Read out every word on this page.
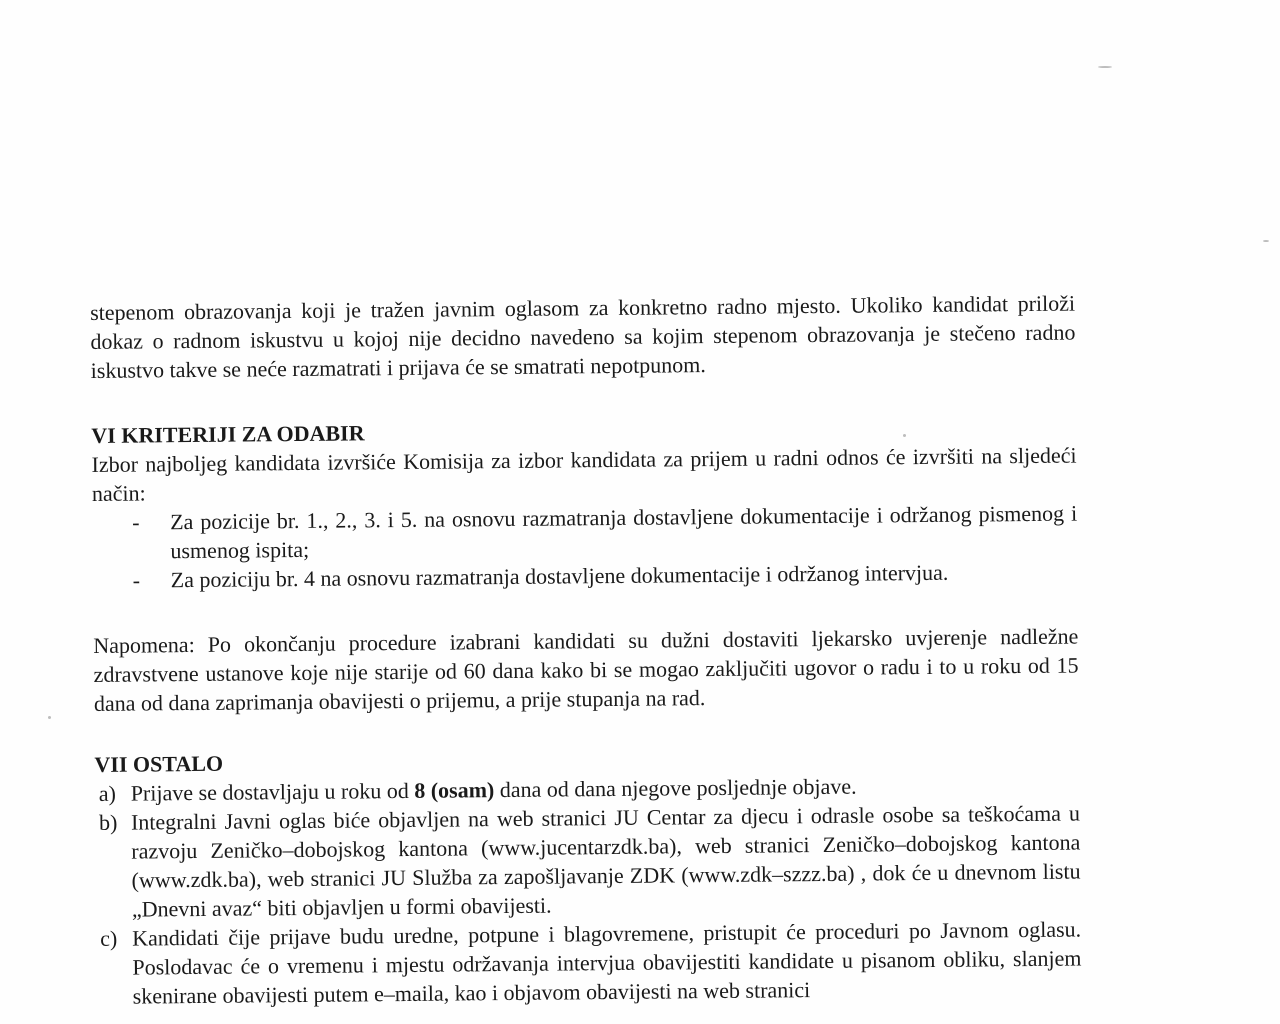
stepenom obrazovanja koji je tražen javnim oglasom za konkretno radno mjesto. Ukoliko kandidat priloži dokaz o radnom iskustvu u kojoj nije decidno navedeno sa kojim stepenom obrazovanja je stečeno radno iskustvo takve se neće razmatrati i prijava će se smatrati nepotpunom.

VI KRITERIJI ZA ODABIR

Izbor najboljeg kandidata izvršiće Komisija za izbor kandidata za prijem u radni odnos će izvršiti na sljedeći način:

- Za pozicije br. 1., 2., 3. i 5. na osnovu razmatranja dostavljene dokumentacije i održanog pismenog i usmenog ispita;
- Za poziciju br. 4 na osnovu razmatranja dostavljene dokumentacije i održanog intervjua.

Napomena: Po okončanju procedure izabrani kandidati su dužni dostaviti ljekarsko uvjerenje nadležne zdravstvene ustanove koje nije starije od 60 dana kako bi se mogao zaključiti ugovor o radu i to u roku od 15 dana od dana zaprimanja obavijesti o prijemu, a prije stupanja na rad.

VII OSTALO
a) Prijave se dostavljaju u roku od 8 (osam) dana od dana njegove posljednje objave.
b) Integralni Javni oglas biće objavljen na web stranici JU Centar za djecu i odrasle osobe sa teškoćama u razvoju Zeničko–dobojskog kantona (www.jucentarzdk.ba), web stranici Zeničko–dobojskog kantona (www.zdk.ba), web stranici JU Služba za zapošljavanje ZDK (www.zdk–szzz.ba) , dok će u dnevnom listu „Dnevni avaz“ biti objavljen u formi obavijesti.
c) Kandidati čije prijave budu uredne, potpune i blagovremene, pristupit će proceduri po Javnom oglasu. Poslodavac će o vremenu i mjestu održavanja intervjua obavijestiti kandidate u pisanom obliku, slanjem skenirane obavijesti putem e–maila, kao i objavom obavijesti na web stranici
